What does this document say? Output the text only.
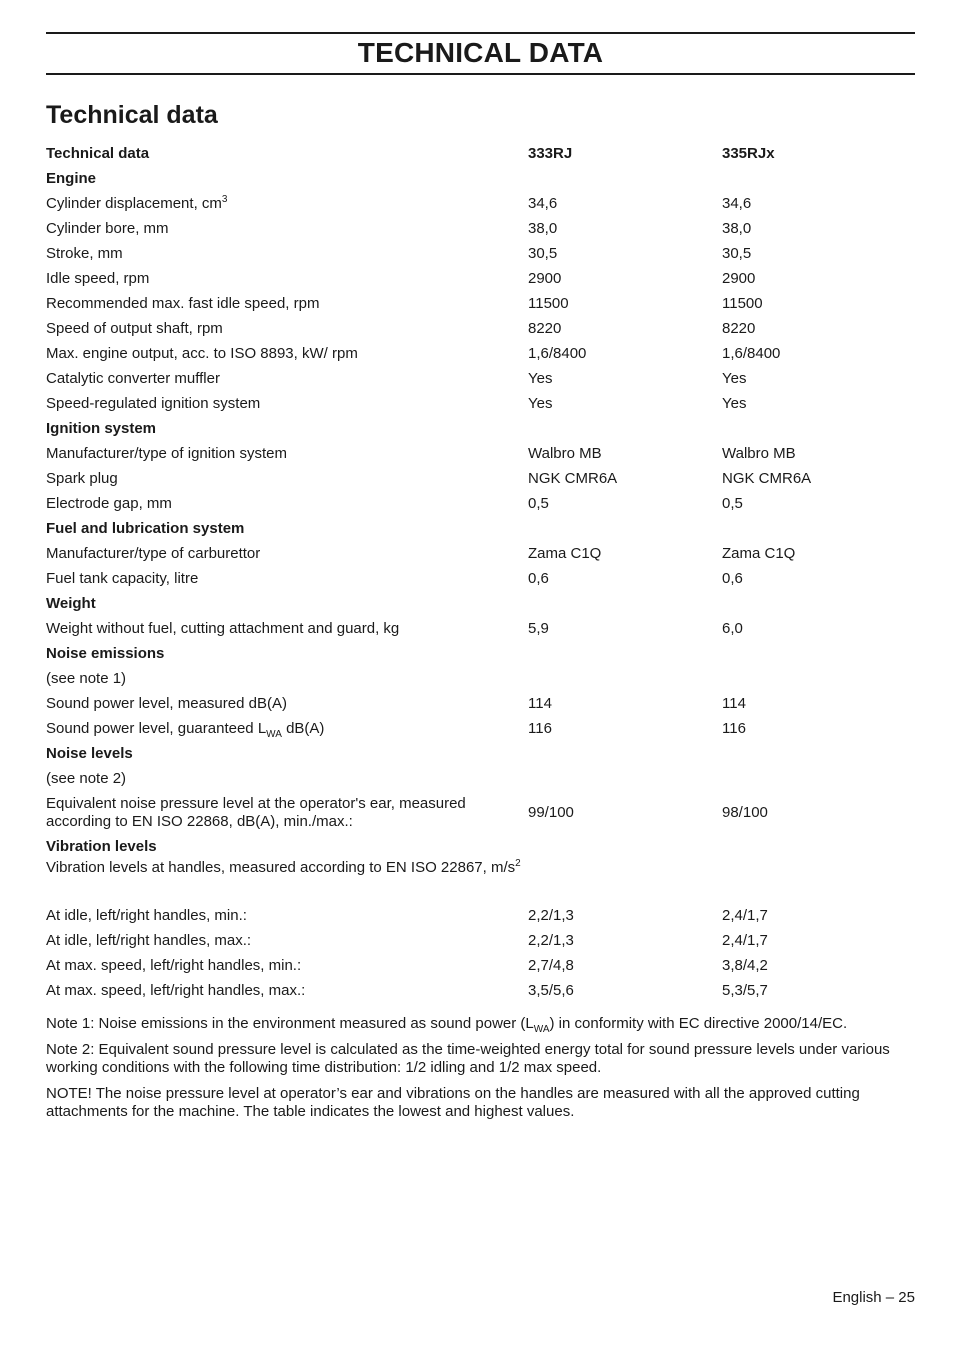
TECHNICAL DATA
Technical data
Technical data	333RJ	335RJx
Engine
Cylinder displacement, $cm^3$	34,6	34,6
Cylinder bore, mm	38,0	38,0
Stroke, mm	30,5	30,5
Idle speed, rpm	2900	2900
Recommended max. fast idle speed, rpm	11500	11500
Speed of output shaft, rpm	8220	8220
Max. engine output, acc. to ISO 8893, kW/ rpm	1,6/8400	1,6/8400
Catalytic converter muffler	Yes	Yes
Speed-regulated ignition system	Yes	Yes
Ignition system
Manufacturer/type of ignition system	Walbro MB	Walbro MB
Spark plug	NGK CMR6A	NGK CMR6A
Electrode gap, mm	0,5	0,5
Fuel and lubrication system
Manufacturer/type of carburettor	Zama C1Q	Zama C1Q
Fuel tank capacity, litre	0,6	0,6
Weight
Weight without fuel, cutting attachment and guard, kg	5,9	6,0
Noise emissions
(see note 1)
Sound power level, measured dB(A)	114	114
Sound power level, guaranteed $L_{WA}$ dB(A)	116	116
Noise levels
(see note 2)
Equivalent noise pressure level at the operator's ear, measured according to EN ISO 22868, dB(A), min./max.:
99/100	98/100
Vibration levels
Vibration levels at handles, measured according to EN ISO 22867, $m/s^2$
At idle, left/right handles, min.:	2,2/1,3	2,4/1,7
At idle, left/right handles, max.:	2,2/1,3	2,4/1,7
At max. speed, left/right handles, min.:	2,7/4,8	3,8/4,2
At max. speed, left/right handles, max.:	3,5/5,6	5,3/5,7

Note 1: Noise emissions in the environment measured as sound power $(L_{WA})$ in conformity with EC directive 2000/14/EC.

Note 2: Equivalent sound pressure level is calculated as the time-weighted energy total for sound pressure levels under various working conditions with the following time distribution: 1/2 idling and 1/2 max speed.

NOTE! The noise pressure level at operator’s ear and vibrations on the handles are measured with all the approved cutting attachments for the machine. The table indicates the lowest and highest values.

English – 25
